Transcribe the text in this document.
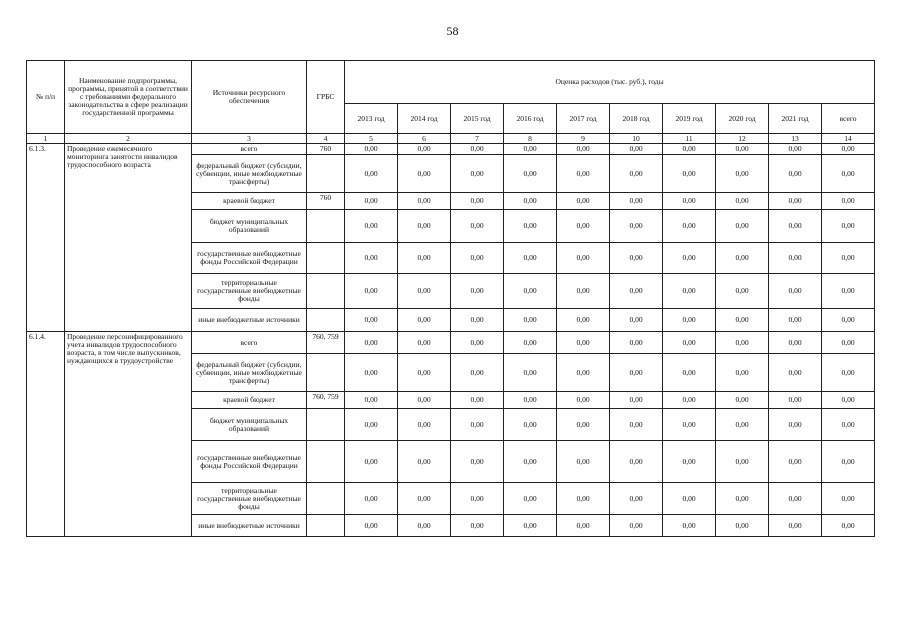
58
№ п/п	Наименование подпрограммы, программы, принятой в соответствии с требованиями федерального законодательства в сфере реализации государственной программы	Источники ресурсного обеспечения	ГРБС	Оценка расходов (тыс. руб.), годы									
				2013 год	2014 год	2015 год	2016 год	2017 год	2018 год	2019 год	2020 год	2021 год	всего
1	2	3	4	5	6	7	8	9	10	11	12	13	14
6.1.3.	Проведение ежемесячного мониторинга занятости инвалидов трудоспособного возраста	всего	760	0,00	0,00	0,00	0,00	0,00	0,00	0,00	0,00	0,00	0,00
		федеральный бюджет (субсидии, субвенции, иные межбюджетные трансферты)		0,00	0,00	0,00	0,00	0,00	0,00	0,00	0,00	0,00	0,00
		краевой бюджет	760	0,00	0,00	0,00	0,00	0,00	0,00	0,00	0,00	0,00	0,00
		бюджет муниципальных образований		0,00	0,00	0,00	0,00	0,00	0,00	0,00	0,00	0,00	0,00
		государственные внебюджетные фонды Российской Федерации		0,00	0,00	0,00	0,00	0,00	0,00	0,00	0,00	0,00	0,00
		территориальные государственные внебюджетные фонды		0,00	0,00	0,00	0,00	0,00	0,00	0,00	0,00	0,00	0,00
		иные внебюджетные источники		0,00	0,00	0,00	0,00	0,00	0,00	0,00	0,00	0,00	0,00
6.1.4.	Проведение персонифицированного учета инвалидов трудоспособного возраста, в том числе выпускников, нуждающихся в трудоустройстве	всего	760, 759	0,00	0,00	0,00	0,00	0,00	0,00	0,00	0,00	0,00	0,00
		федеральный бюджет (субсидии, субвенции, иные межбюджетные трансферты)		0,00	0,00	0,00	0,00	0,00	0,00	0,00	0,00	0,00	0,00
		краевой бюджет	760, 759	0,00	0,00	0,00	0,00	0,00	0,00	0,00	0,00	0,00	0,00
		бюджет муниципальных образований		0,00	0,00	0,00	0,00	0,00	0,00	0,00	0,00	0,00	0,00
		государственные внебюджетные фонды Российской Федерации		0,00	0,00	0,00	0,00	0,00	0,00	0,00	0,00	0,00	0,00
		территориальные государственные внебюджетные фонды		0,00	0,00	0,00	0,00	0,00	0,00	0,00	0,00	0,00	0,00
		иные внебюджетные источники		0,00	0,00	0,00	0,00	0,00	0,00	0,00	0,00	0,00	0,00
